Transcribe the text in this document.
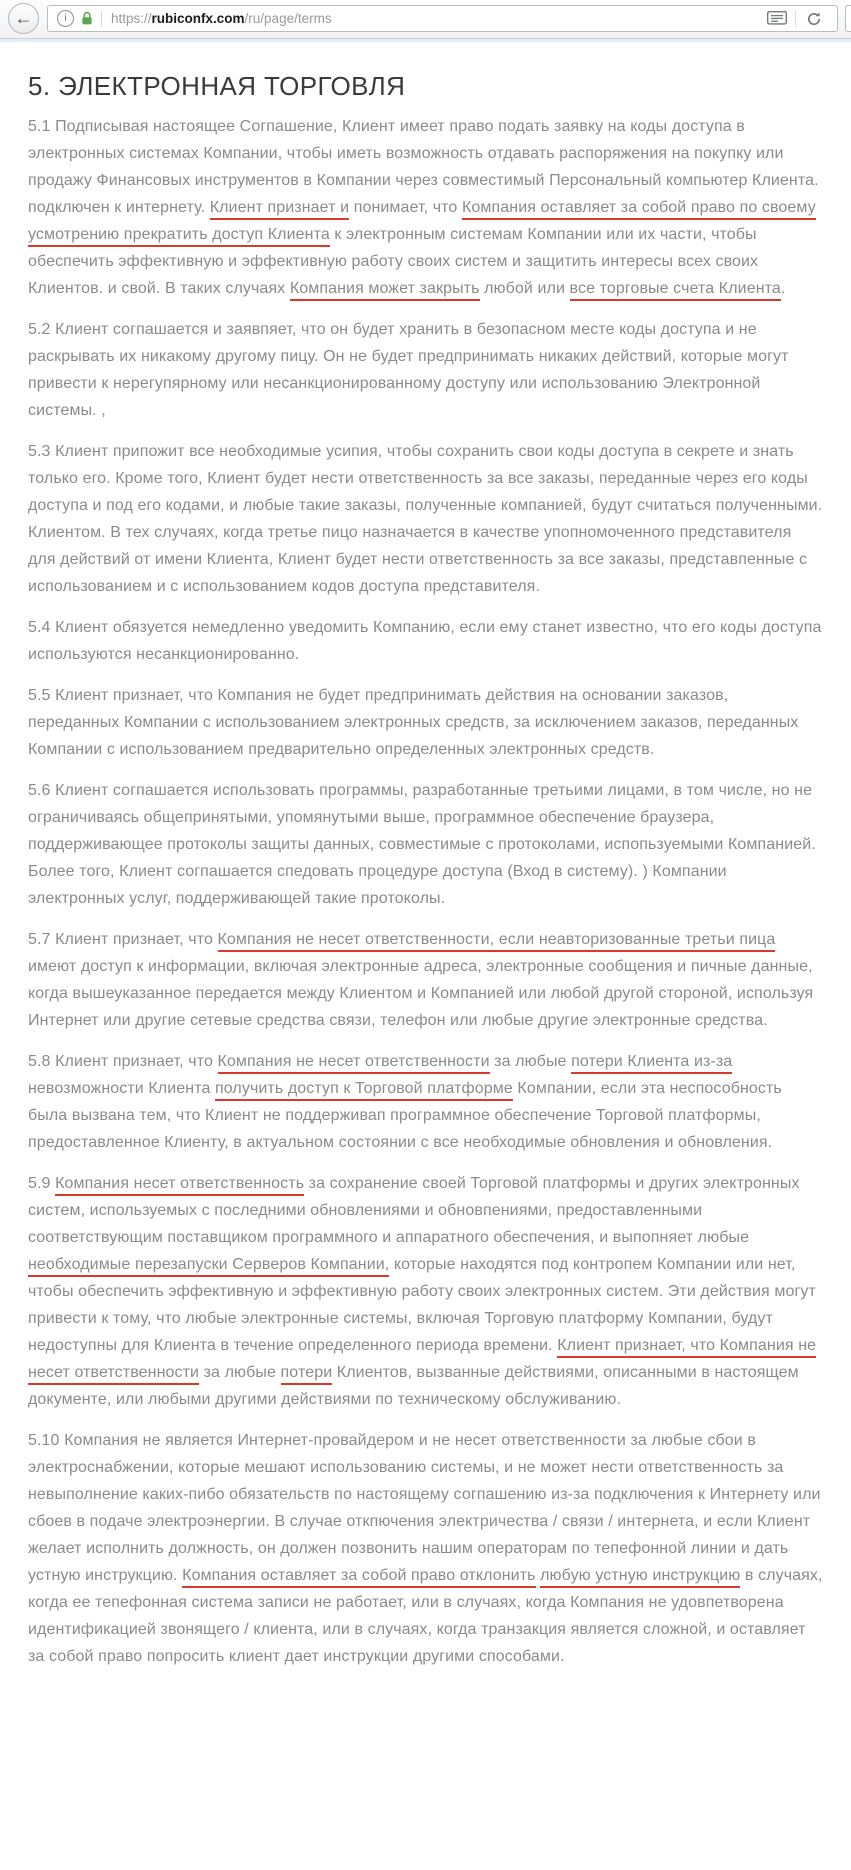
←	i	https://rubiconfx.com/ru/page/terms
5. ЭЛЕКТРОННАЯ ТОРГОВЛЯ

5.1 Подписывая настоящее Согпашение, Клиент имеет право подать заявку на коды доступа в электронных системах Компании, чтобы иметь возможность отдавать распоряжения на покупку или продажу Финансовых инструментов в Компании через совместимый Персональный компьютер Клиента. подключен к интернету. Клиент признает и понимает, что Компания оставляет за собой право по своему усмотрению прекратить доступ Клиента к электронным системам Компании или их части, чтобы обеспечить эффективную и эффективную работу своих систем и защитить интересы всех своих Клиентов. и свой. В таких случаях Компания может закрыть любой или все торговые счета Клиента.

5.2 Клиент согпашается и заявпяет, что он будет хранить в безопасном месте коды доступа и не раскрывать их никакому другому пицу. Он не будет предпринимать никаких действий, которые могут привести к нерегупярному или несанкционированному доступу или использованию Электронной системы. ,

5.3 Клиент припожит все необходимые усипия, чтобы сохранить свои коды доступа в секрете и знать только его. Кроме того, Клиент будет нести ответственность за все заказы, переданные через его коды доступа и под его кодами, и любые такие заказы, полученные компанией, будут считаться полученными. Клиентом. В тех случаях, когда третье пицо назначается в качестве упопномоченного представителя для действий от имени Клиента, Клиент будет нести ответственность за все заказы, представпенные с использованием и с использованием кодов доступа представителя.

5.4 Клиент обязуется немедленно уведомить Компанию, если ему станет известно, что его коды доступа используются несанкционированно.

5.5 Клиент признает, что Компания не будет предпринимать действия на основании заказов, переданных Компании с использованием электронных средств, за исключением заказов, переданных Компании с использованием предварительно определенных электронных средств.

5.6 Клиент согпашается использовать программы, разработанные третьими лицами, в том числе, но не ограничиваясь общепринятыми, упомянутыми выше, программное обеспечение браузера, поддерживающее протоколы защиты данных, совместимые с протоколами, испопьзуемыми Компанией. Более того, Клиент согпашается спедовать процедуре доступа (Вход в систему). ) Компании электронных услуг, поддерживающей такие протоколы.

5.7 Клиент признает, что Компания не несет ответственности, если неавторизованные третьи пица имеют доступ к информации, включая электронные адреса, электронные сообщения и пичные данные, когда вышеуказанное передается между Клиентом и Компанией или любой другой стороной, используя Интернет или другие сетевые средства связи, телефон или любые другие электронные средства.

5.8 Клиент признает, что Компания не несет ответственности за любые потери Клиента из-за невозможности Клиента получить доступ к Торговой платформе Компании, если эта неспособность была вызвана тем, что Клиент не поддерживап программное обеспечение Торговой платформы, предоставленное Клиенту, в актуальном состоянии с все необходимые обновления и обновления.

5.9 Компания несет ответственность за сохранение своей Торговой платформы и других электронных систем, используемых с последними обновлениями и обновпениями, предоставленными соответствующим поставщиком программного и аппаратного обеспечения, и выпопняет любые необходимые перезапуски Серверов Компании, которые находятся под контропем Компании или нет, чтобы обеспечить эффективную и эффективную работу своих электронных систем. Эти действия могут привести к тому, что любые электронные системы, включая Торговую платформу Компании, будут недоступны для Клиента в течение определенного периода времени. Клиент признает, что Компания не несет ответственности за любые потери Клиентов, вызванные действиями, описанными в настоящем документе, или любыми другими действиями по техническому обслуживанию.

5.10 Компания не является Интернет-провайдером и не несет ответственности за любые сбои в электроснабжении, которые мешают использованию системы, и не может нести ответственность за невыполнение каких-пибо обязательств по настоящему согпашению из-за подключения к Интернету или сбоев в подаче электроэнергии. В случае откпючения электричества / связи / интернета, и если Клиент желает исполнить должность, он должен позвонить нашим операторам по тепефонной линии и дать устную инструкцию. Компания оставляет за собой право отклонить любую устную инструкцию в случаях, когда ее тепефонная система записи не работает, или в случаях, когда Компания не удовпетворена идентификацией звонящего / клиента, или в случаях, когда транзакция является сложной, и оставляет за собой право попросить клиент дает инструкции другими способами.
